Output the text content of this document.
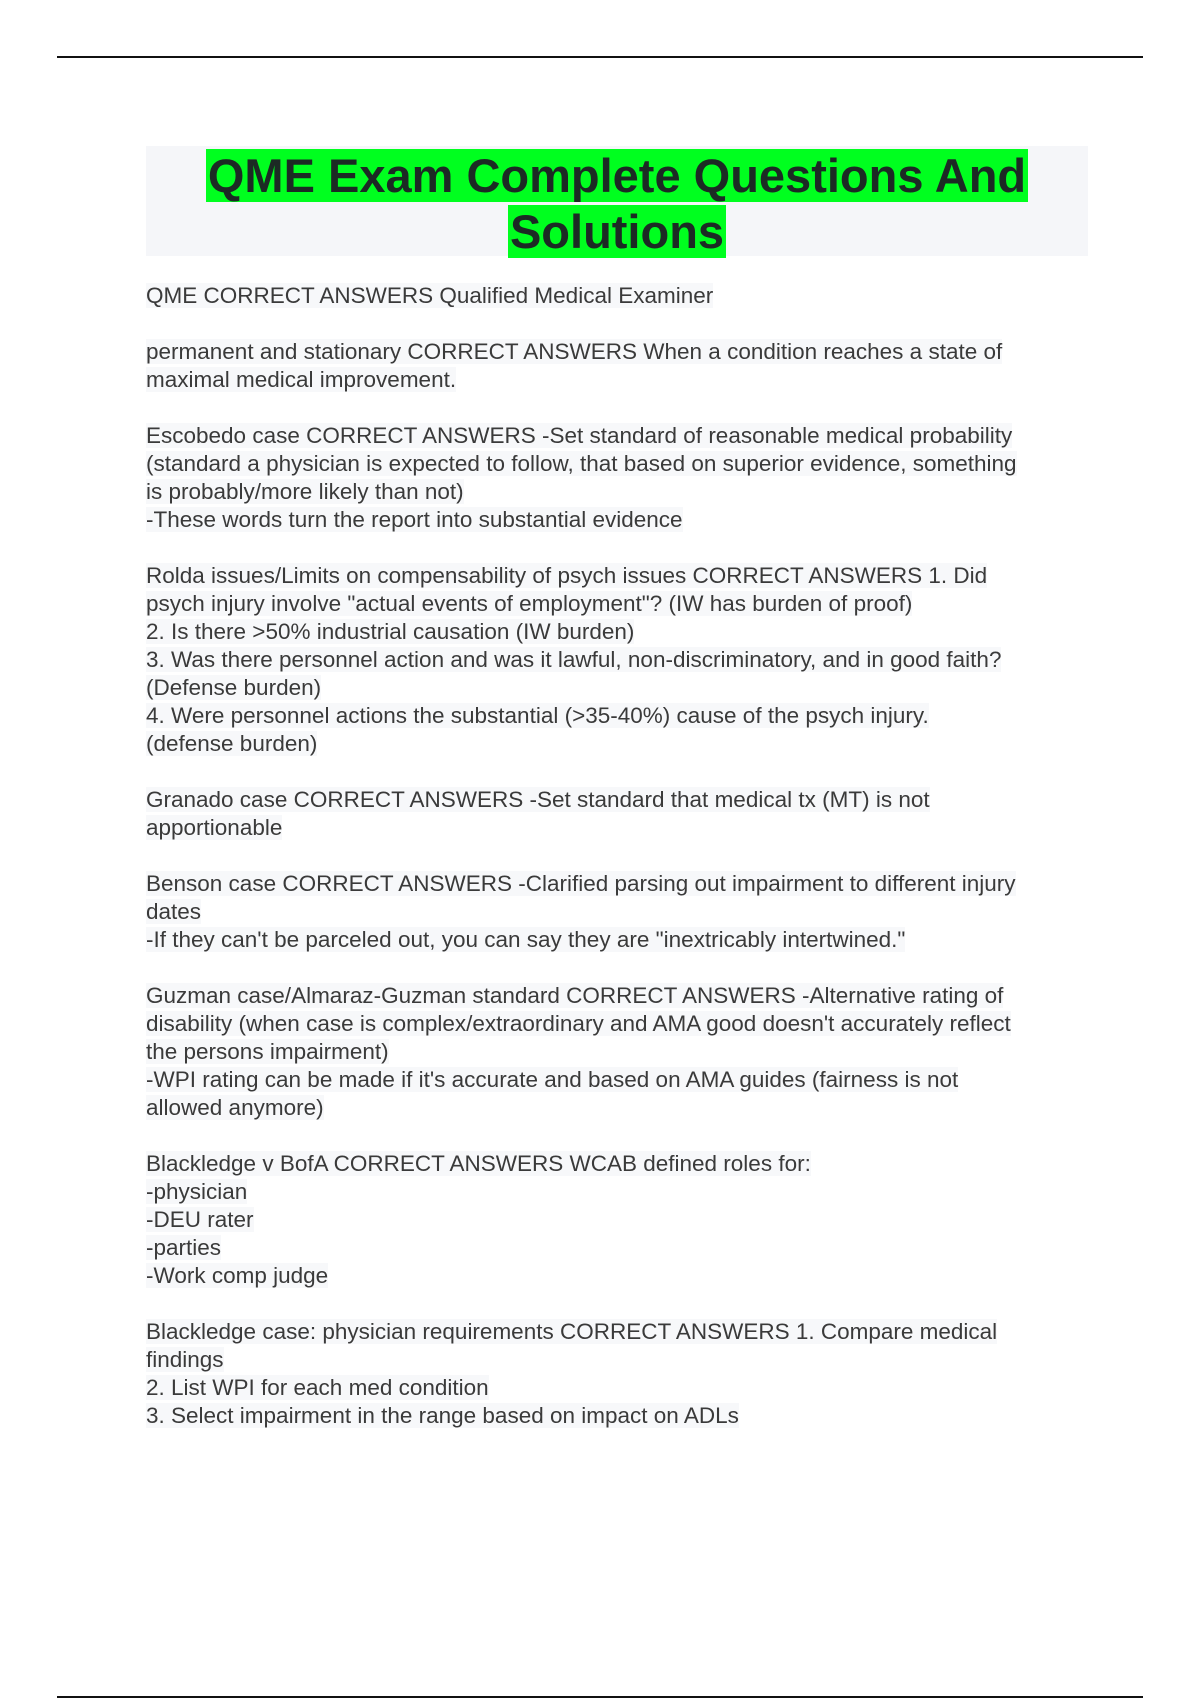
QME Exam Complete Questions And
Solutions
QME CORRECT ANSWERS Qualified Medical Examiner
permanent and stationary CORRECT ANSWERS When a condition reaches a state of
maximal medical improvement.
Escobedo case CORRECT ANSWERS -Set standard of reasonable medical probability
(standard a physician is expected to follow, that based on superior evidence, something
is probably/more likely than not)
-These words turn the report into substantial evidence
Rolda issues/Limits on compensability of psych issues CORRECT ANSWERS 1. Did
psych injury involve "actual events of employment"? (IW has burden of proof)
2. Is there >50% industrial causation (IW burden)
3. Was there personnel action and was it lawful, non-discriminatory, and in good faith?
(Defense burden)
4. Were personnel actions the substantial (>35-40%) cause of the psych injury.
(defense burden)
Granado case CORRECT ANSWERS -Set standard that medical tx (MT) is not
apportionable
Benson case CORRECT ANSWERS -Clarified parsing out impairment to different injury
dates
-If they can't be parceled out, you can say they are "inextricably intertwined."
Guzman case/Almaraz-Guzman standard CORRECT ANSWERS -Alternative rating of
disability (when case is complex/extraordinary and AMA good doesn't accurately reflect
the persons impairment)
-WPI rating can be made if it's accurate and based on AMA guides (fairness is not
allowed anymore)
Blackledge v BofA CORRECT ANSWERS WCAB defined roles for:
-physician
-DEU rater
-parties
-Work comp judge
Blackledge case: physician requirements CORRECT ANSWERS 1. Compare medical
findings
2. List WPI for each med condition
3. Select impairment in the range based on impact on ADLs
